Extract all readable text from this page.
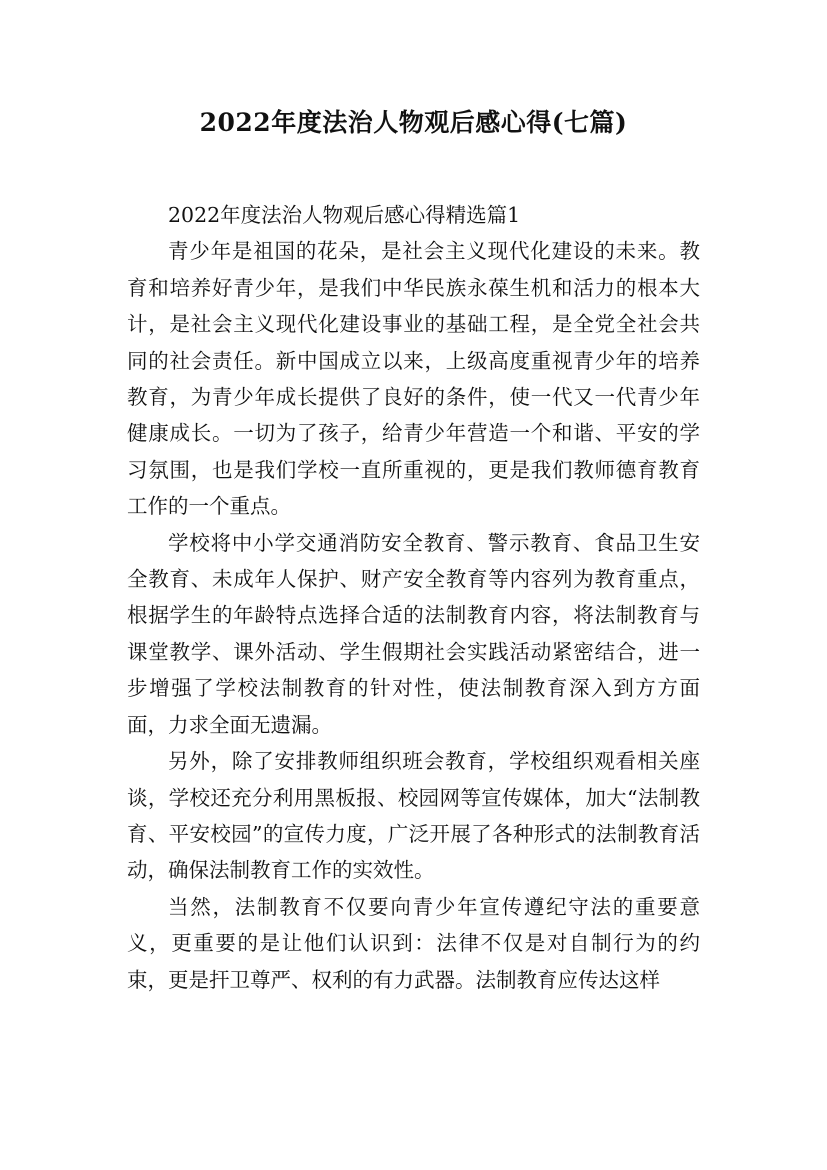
2022年度法治人物观后感心得(七篇)

2022年度法治人物观后感心得精选篇1

青少年是祖国的花朵，是社会主义现代化建设的未来。教育和培养好青少年，是我们中华民族永葆生机和活力的根本大计，是社会主义现代化建设事业的基础工程，是全党全社会共同的社会责任。新中国成立以来，上级高度重视青少年的培养教育，为青少年成长提供了良好的条件，使一代又一代青少年健康成长。一切为了孩子，给青少年营造一个和谐、平安的学习氛围，也是我们学校一直所重视的，更是我们教师德育教育工作的一个重点。

学校将中小学交通消防安全教育、警示教育、食品卫生安全教育、未成年人保护、财产安全教育等内容列为教育重点，根据学生的年龄特点选择合适的法制教育内容，将法制教育与课堂教学、课外活动、学生假期社会实践活动紧密结合，进一步增强了学校法制教育的针对性，使法制教育深入到方方面面，力求全面无遗漏。

另外，除了安排教师组织班会教育，学校组织观看相关座谈，学校还充分利用黑板报、校园网等宣传媒体，加大“法制教育、平安校园”的宣传力度，广泛开展了各种形式的法制教育活动，确保法制教育工作的实效性。

当然，法制教育不仅要向青少年宣传遵纪守法的重要意义，更重要的是让他们认识到：法律不仅是对自制行为的约束，更是扞卫尊严、权利的有力武器。法制教育应传达这样
